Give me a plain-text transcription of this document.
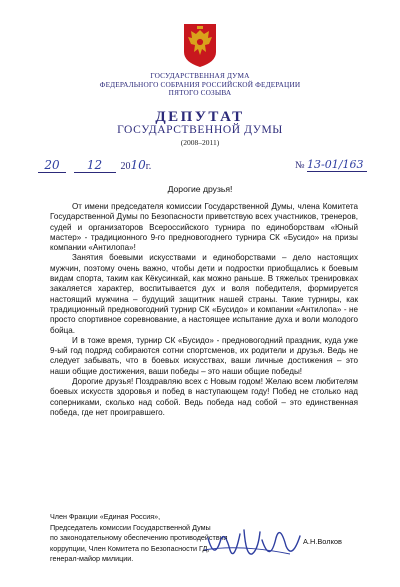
ГОСУДАРСТВЕННАЯ ДУМА
ФЕДЕРАЛЬНОГО СОБРАНИЯ РОССИЙСКОЙ ФЕДЕРАЦИИ
ПЯТОГО СОЗЫВА
ДЕПУТАТ
ГОСУДАРСТВЕННОЙ ДУМЫ
(2008–2011)
20 12 2010г.	№ 13-01/163
Дорогие друзья!

От имени председателя комиссии Государственной Думы, члена Комитета Государственной Думы по Безопасности приветствую всех участников, тренеров, судей и организаторов Всероссийского турнира по единоборствам «Юный мастер» - традиционного 9-го предновогоднего турнира СК «Бусидо» на призы компании «Антилопа»!

Занятия боевыми искусствами и единоборствами – дело настоящих мужчин, поэтому очень важно, чтобы дети и подростки приобщались к боевым видам спорта, таким как Кёкусинкай, как можно раньше. В тяжелых тренировках закаляется характер, воспитывается дух и воля победителя, формируется настоящий мужчина – будущий защитник нашей страны. Такие турниры, как традиционный предновогодний турнир СК «Бусидо» и компании «Антилопа» - не просто спортивное соревнование, а настоящее испытание духа и воли молодого бойца.

И в тоже время, турнир СК «Бусидо» - предновогодний праздник, куда уже 9-ый год подряд собираются сотни спортсменов, их родители и друзья. Ведь не следует забывать, что в боевых искусствах, ваши личные достижения – это наши общие достижения, ваши победы – это наши общие победы!

Дорогие друзья! Поздравляю всех с Новым годом! Желаю всем любителям боевых искусств здоровья и побед в наступающем году! Побед не столько над соперниками, сколько над собой. Ведь победа над собой – это единственная победа, где нет проигравшего.

Член Фракции «Единая Россия»,
Председатель комиссии Государственной Думы
по законодательному обеспечению противодействия
коррупции, Член Комитета по Безопасности ГД,
генерал-майор милиции.
А.Н.Волков
